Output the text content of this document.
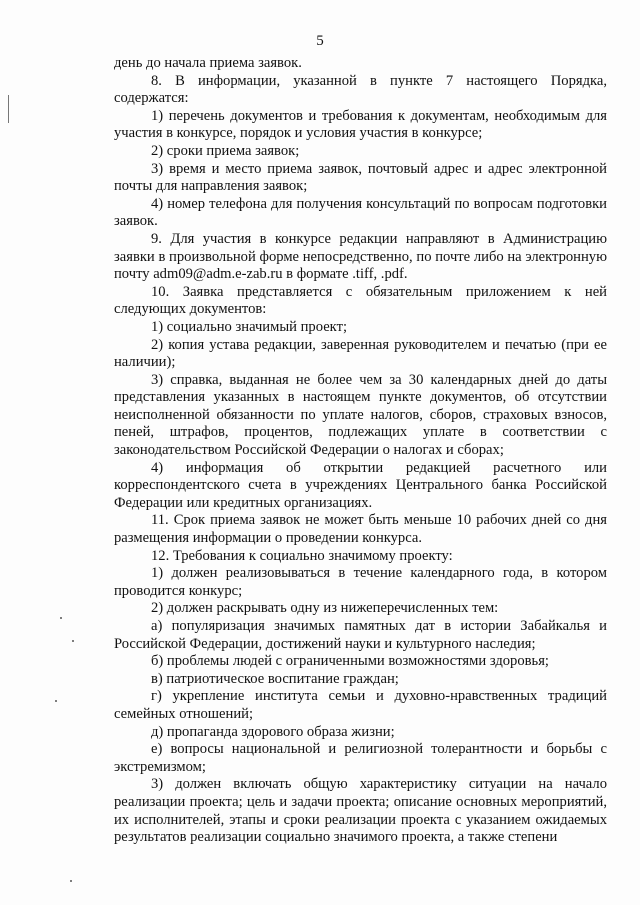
5

день до начала приема заявок.

8. В информации, указанной в пункте 7 настоящего Порядка, содержатся:

1) перечень документов и требования к документам, необходимым для участия в конкурсе, порядок и условия участия в конкурсе;

2) сроки приема заявок;

3) время и место приема заявок, почтовый адрес и адрес электронной почты для направления заявок;

4) номер телефона для получения консультаций по вопросам подготовки заявок.

9. Для участия в конкурсе редакции направляют в Администрацию заявки в произвольной форме непосредственно, по почте либо на электронную почту adm09@adm.e-zab.ru в формате .tiff, .pdf.

10. Заявка представляется с обязательным приложением к ней следующих документов:

1) социально значимый проект;

2) копия устава редакции, заверенная руководителем и печатью (при ее наличии);

3) справка, выданная не более чем за 30 календарных дней до даты представления указанных в настоящем пункте документов, об отсутствии неисполненной обязанности по уплате налогов, сборов, страховых взносов, пеней, штрафов, процентов, подлежащих уплате в соответствии с законодательством Российской Федерации о налогах и сборах;

4) информация об открытии редакцией расчетного или корреспондентского счета в учреждениях Центрального банка Российской Федерации или кредитных организациях.

11. Срок приема заявок не может быть меньше 10 рабочих дней со дня размещения информации о проведении конкурса.

12. Требования к социально значимому проекту:

1) должен реализовываться в течение календарного года, в котором проводится конкурс;

2) должен раскрывать одну из нижеперечисленных тем:

а) популяризация значимых памятных дат в истории Забайкалья и Российской Федерации, достижений науки и культурного наследия;

б) проблемы людей с ограниченными возможностями здоровья;

в) патриотическое воспитание граждан;

г) укрепление института семьи и духовно-нравственных традиций семейных отношений;

д) пропаганда здорового образа жизни;

е) вопросы национальной и религиозной толерантности и борьбы с экстремизмом;

3) должен включать общую характеристику ситуации на начало реализации проекта; цель и задачи проекта; описание основных мероприятий, их исполнителей, этапы и сроки реализации проекта с указанием ожидаемых результатов реализации социально значимого проекта, а также степени
